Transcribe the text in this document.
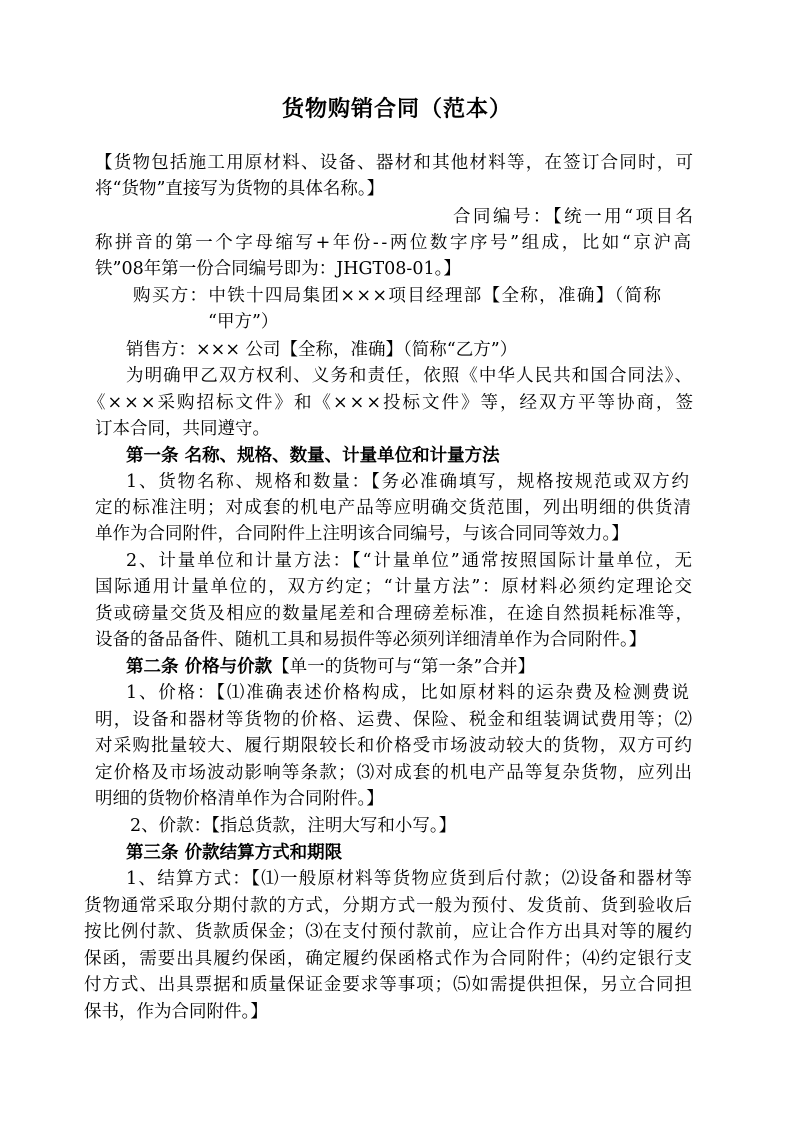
货物购销合同（范本）
【货物包括施工用原材料、设备、器材和其他材料等，在签订合同时，可
将“货物”直接写为货物的具体名称。】
合同编号：【统一用“项目名
称拼音的第一个字母缩写+年份--两位数字序号”组成，比如“京沪高
铁”08年第一份合同编号即为：JHGT08-01。】
购买方：中铁十四局集团×××项目经理部【全称，准确】（简称
“甲方”）
销售方：××× 公司【全称，准确】（简称“乙方”）
为明确甲乙双方权利、义务和责任，依照《中华人民共和国合同法》、
《×××采购招标文件》和《×××投标文件》等，经双方平等协商，签
订本合同，共同遵守。
第一条 名称、规格、数量、计量单位和计量方法
1、货物名称、规格和数量：【务必准确填写，规格按规范或双方约
定的标准注明；对成套的机电产品等应明确交货范围，列出明细的供货清
单作为合同附件，合同附件上注明该合同编号，与该合同同等效力。】
2、计量单位和计量方法：【“计量单位”通常按照国际计量单位，无
国际通用计量单位的，双方约定；“计量方法”：原材料必须约定理论交
货或磅量交货及相应的数量尾差和合理磅差标准，在途自然损耗标准等，
设备的备品备件、随机工具和易损件等必须列详细清单作为合同附件。】
第二条 价格与价款【单一的货物可与“第一条”合并】
1、价格：【⑴准确表述价格构成，比如原材料的运杂费及检测费说
明，设备和器材等货物的价格、运费、保险、税金和组装调试费用等；⑵
对采购批量较大、履行期限较长和价格受市场波动较大的货物，双方可约
定价格及市场波动影响等条款；⑶对成套的机电产品等复杂货物，应列出
明细的货物价格清单作为合同附件。】
2、价款：【指总货款，注明大写和小写。】
第三条 价款结算方式和期限
1、结算方式：【⑴一般原材料等货物应货到后付款；⑵设备和器材等
货物通常采取分期付款的方式，分期方式一般为预付、发货前、货到验收后
按比例付款、货款质保金；⑶在支付预付款前，应让合作方出具对等的履约
保函，需要出具履约保函，确定履约保函格式作为合同附件；⑷约定银行支
付方式、出具票据和质量保证金要求等事项；⑸如需提供担保，另立合同担
保书，作为合同附件。】
